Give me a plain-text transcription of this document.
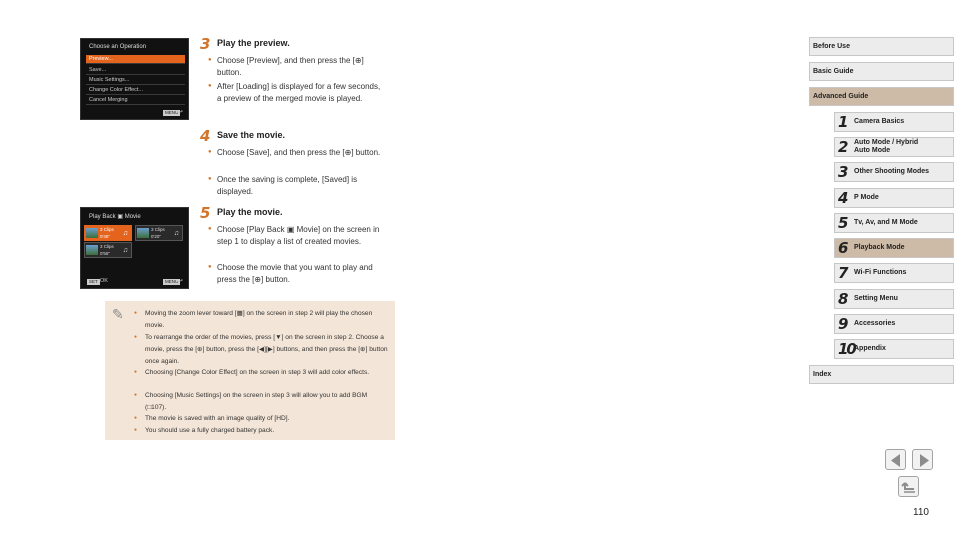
Choose an Operation
Preview...
Save...
Music Settings...
Change Color Effect...
Cancel Merging
MENU
↩
Play Back ▣ Movie
3 Clips
0'45" ♫
3 Clips
0'20" ♫
3 Clips
0'56" ♫
SET OK	MENU
↩
3 Play the preview.
● Choose [Preview], and then press the [⊕] button.
● After [Loading] is displayed for a few seconds, a preview of the merged movie is played.
4 Save the movie.
● Choose [Save], and then press the [⊕] button.
● Once the saving is complete, [Saved] is displayed.
5 Play the movie.
● Choose [Play Back ▣ Movie] on the screen in step 1 to display a list of created movies.
● Choose the movie that you want to play and press the [⊕] button.
✎ ● Moving the zoom lever toward [▦] on the screen in step 2 will play the chosen movie.
● To rearrange the order of the movies, press [▼] on the screen in step 2. Choose a movie, press the [⊕] button, press the [◀][▶] buttons, and then press the [⊕] button once again.
● Choosing [Change Color Effect] on the screen in step 3 will add color effects.
● Choosing [Music Settings] on the screen in step 3 will allow you to add BGM (□107).
● The movie is saved with an image quality of [HD].
● You should use a fully charged battery pack.
Before Use
Basic Guide
Advanced Guide
1 Camera Basics
2 Auto Mode / Hybrid Auto Mode
3 Other Shooting Modes
4 P Mode
5 Tv, Av, and M Mode
6 Playback Mode
7 Wi-Fi Functions
8 Setting Menu
9 Accessories
10 Appendix
Index
110
